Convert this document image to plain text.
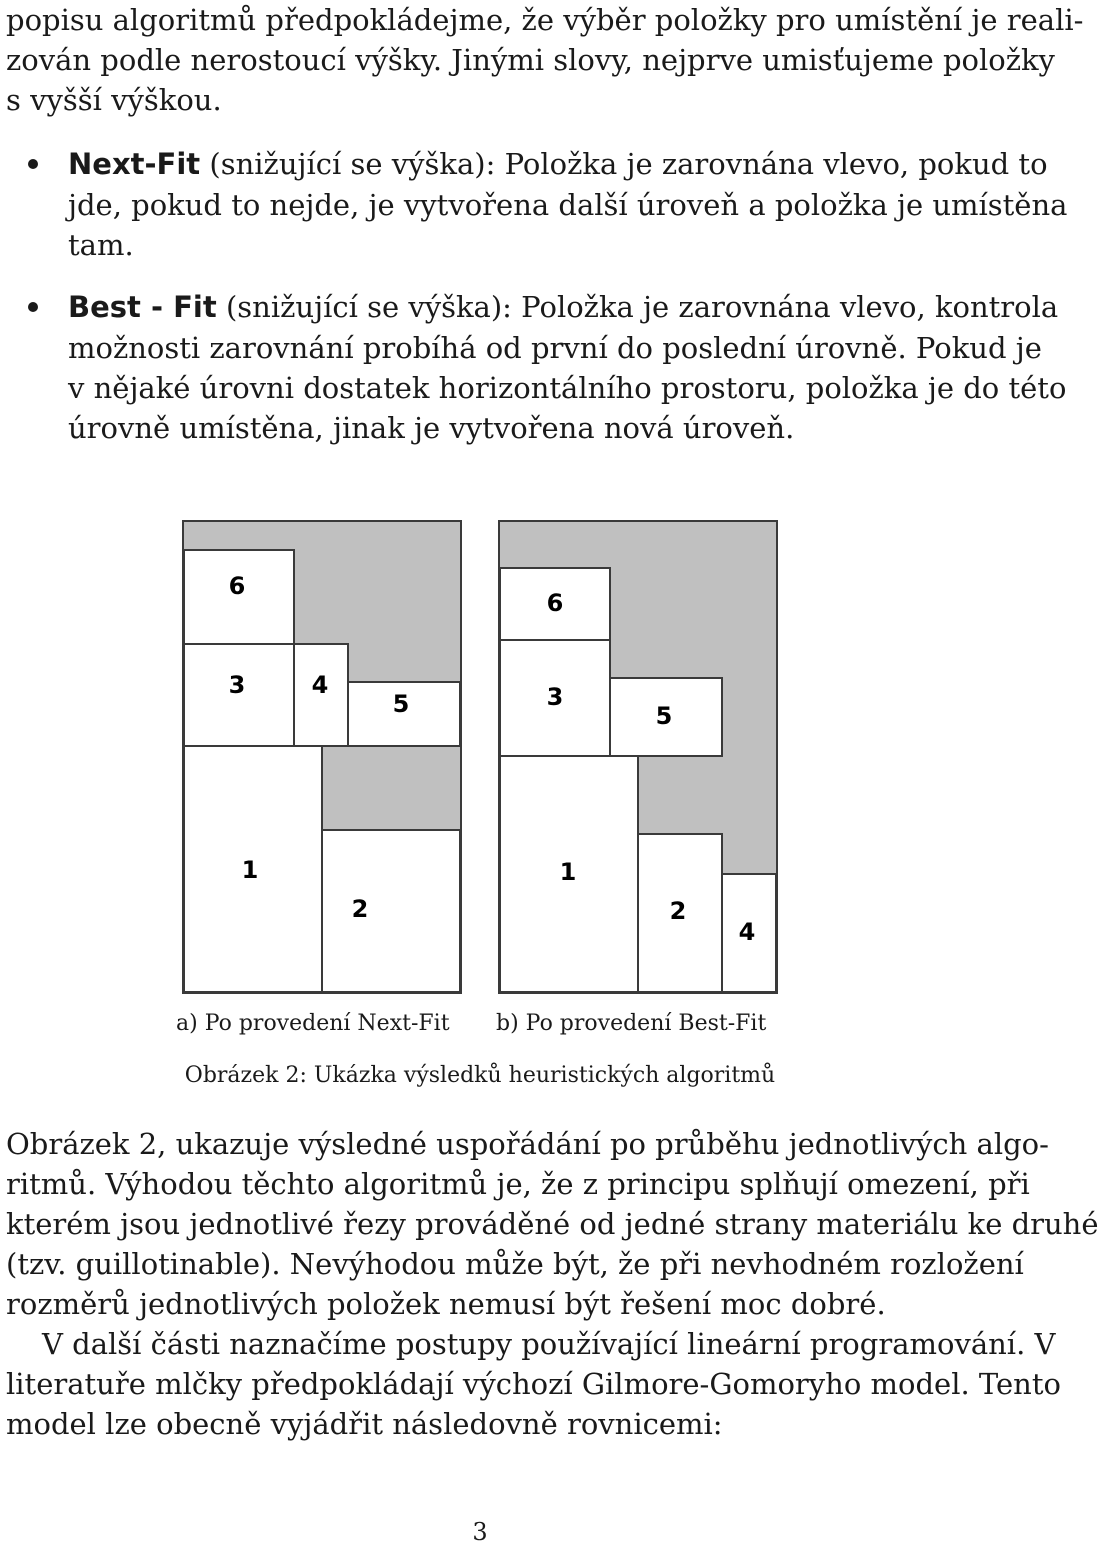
popisu algoritmů předpokládejme, že výběr položky pro umístění je reali-
zován podle nerostoucí výšky. Jinými slovy, nejprve umisťujeme položky
s vyšší výškou.
Next-Fit (snižující se výška): Položka je zarovnána vlevo, pokud to
jde, pokud to nejde, je vytvořena další úroveň a položka je umístěna
tam.
Best - Fit (snižující se výška): Položka je zarovnána vlevo, kontrola
možnosti zarovnání probíhá od první do poslední úrovně. Pokud je
v nějaké úrovni dostatek horizontálního prostoru, položka je do této
úrovně umístěna, jinak je vytvořena nová úroveň.
6
3	4
5
1
2
6
3
5
1
2
4
a) Po provedení Next-Fit b) Po provedení Best-Fit
Obrázek 2: Ukázka výsledků heuristických algoritmů
Obrázek 2, ukazuje výsledné uspořádání po průběhu jednotlivých algo-
ritmů. Výhodou těchto algoritmů je, že z principu splňují omezení, při
kterém jsou jednotlivé řezy prováděné od jedné strany materiálu ke druhé
(tzv. guillotinable). Nevýhodou může být, že při nevhodném rozložení
rozměrů jednotlivých položek nemusí být řešení moc dobré.
V další části naznačíme postupy používající lineární programování. V
literatuře mlčky předpokládají výchozí Gilmore-Gomoryho model. Tento
model lze obecně vyjádřit následovně rovnicemi:
3
